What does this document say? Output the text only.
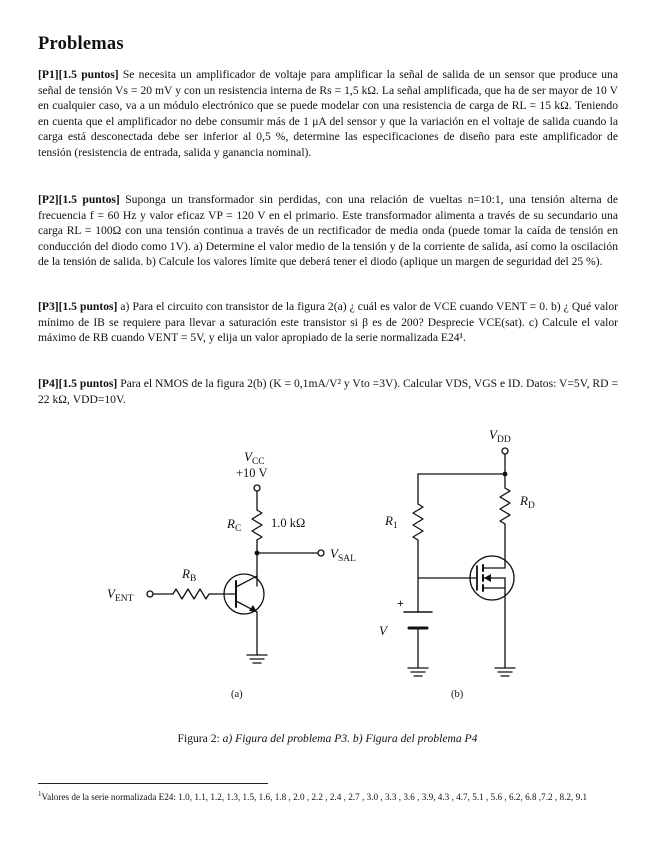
Problemas

[P1][1.5 puntos] Se necesita un amplificador de voltaje para amplificar la señal de salida de un sensor que produce una señal de tensión Vs = 20 mV y con un resistencia interna de Rs = 1,5 kΩ. La señal amplificada, que ha de ser mayor de 10 V en cualquier caso, va a un módulo electrónico que se puede modelar con una resistencia de carga de RL = 15 kΩ. Teniendo en cuenta que el amplificador no debe consumir más de 1 μA del sensor y que la variación en el voltaje de salida cuando la carga está desconectada debe ser inferior al 0,5 %, determine las especificaciones de diseño para este amplificador de tensión (resistencia de entrada, salida y ganancia nominal).

[P2][1.5 puntos] Suponga un transformador sin perdidas, con una relación de vueltas n=10:1, una tensión alterna de frecuencia f = 60 Hz y valor eficaz VP = 120 V en el primario. Este transformador alimenta a través de su secundario una carga RL = 100Ω con una tensión continua a través de un rectificador de media onda (puede tomar la caída de tensión en conducción del diodo como 1V). a) Determine el valor medio de la tensión y de la corriente de salida, así como la oscilación de la tensión de salida. b) Calcule los valores límite que deberá tener el diodo (aplique un margen de seguridad del 25 %).

[P3][1.5 puntos] a) Para el circuito con transistor de la figura 2(a) ¿ cuál es valor de VCE cuando VENT = 0. b) ¿ Qué valor mínimo de IB se requiere para llevar a saturación este transistor si β es de 200? Desprecie VCE(sat). c) Calcule el valor máximo de RB cuando VENT = 5V, y elija un valor apropiado de la serie normalizada E24¹.

[P4][1.5 puntos] Para el NMOS de la figura 2(b) (K = 0,1mA/V² y Vto =3V). Calcular VDS, VGS e ID. Datos: V=5V, RD = 22 kΩ, VDD=10V.

$V_{CC}$
+10 V
$R_C$ 1.0 kΩ
$V_{SAL}$
$R_B$
$V_{ENT}$
(a)
$V_{DD}$
$R_D$
$R_1$
+
V
(b)
Figura 2: a) Figura del problema P3. b) Figura del problema P4
$^1$Valores de la serie normalizada E24: 1.0, 1.1, 1.2, 1.3, 1.5, 1.6, 1.8 , 2.0 , 2.2 , 2.4 , 2.7 , 3.0 , 3.3 , 3.6 , 3.9, 4.3 , 4.7, 5.1 , 5.6 , 6.2, 6.8 ,7.2 , 8.2, 9.1
